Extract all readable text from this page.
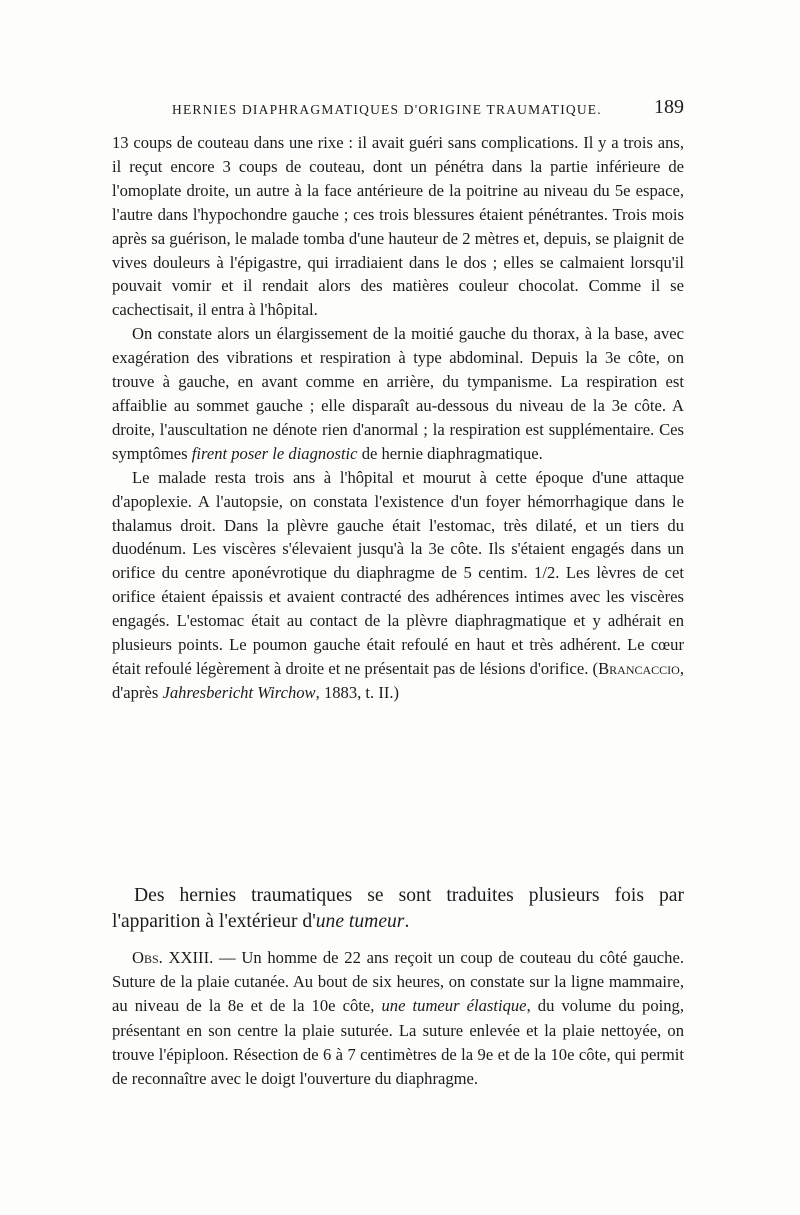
HERNIES DIAPHRAGMATIQUES D'ORIGINE TRAUMATIQUE.	189

13 coups de couteau dans une rixe : il avait guéri sans complications. Il y a trois ans, il reçut encore 3 coups de couteau, dont un pénétra dans la partie inférieure de l'omoplate droite, un autre à la face antérieure de la poitrine au niveau du 5e espace, l'autre dans l'hypochondre gauche ; ces trois blessures étaient pénétrantes. Trois mois après sa guérison, le malade tomba d'une hauteur de 2 mètres et, depuis, se plaignit de vives douleurs à l'épigastre, qui irradiaient dans le dos ; elles se calmaient lorsqu'il pouvait vomir et il rendait alors des matières couleur chocolat. Comme il se cachectisait, il entra à l'hôpital.

On constate alors un élargissement de la moitié gauche du thorax, à la base, avec exagération des vibrations et respiration à type abdominal. Depuis la 3e côte, on trouve à gauche, en avant comme en arrière, du tympanisme. La respiration est affaiblie au sommet gauche ; elle disparaît au-dessous du niveau de la 3e côte. A droite, l'auscultation ne dénote rien d'anormal ; la respiration est supplémentaire. Ces symptômes firent poser le diagnostic de hernie diaphragmatique.

Le malade resta trois ans à l'hôpital et mourut à cette époque d'une attaque d'apoplexie. A l'autopsie, on constata l'existence d'un foyer hémorrhagique dans le thalamus droit. Dans la plèvre gauche était l'estomac, très dilaté, et un tiers du duodénum. Les viscères s'élevaient jusqu'à la 3e côte. Ils s'étaient engagés dans un orifice du centre aponévrotique du diaphragme de 5 centim. 1/2. Les lèvres de cet orifice étaient épaissis et avaient contracté des adhérences intimes avec les viscères engagés. L'estomac était au contact de la plèvre diaphragmatique et y adhérait en plusieurs points. Le poumon gauche était refoulé en haut et très adhérent. Le cœur était refoulé légèrement à droite et ne présentait pas de lésions d'orifice. (Brancaccio, d'après Jahresbericht Wirchow, 1883, t. II.)

Des hernies traumatiques se sont traduites plusieurs fois par l'apparition à l'extérieur d'une tumeur.

Obs. XXIII. — Un homme de 22 ans reçoit un coup de couteau du côté gauche. Suture de la plaie cutanée. Au bout de six heures, on constate sur la ligne mammaire, au niveau de la 8e et de la 10e côte, une tumeur élastique, du volume du poing, présentant en son centre la plaie suturée. La suture enlevée et la plaie nettoyée, on trouve l'épiploon. Résection de 6 à 7 centimètres de la 9e et de la 10e côte, qui permit de reconnaître avec le doigt l'ouverture du diaphragme.
